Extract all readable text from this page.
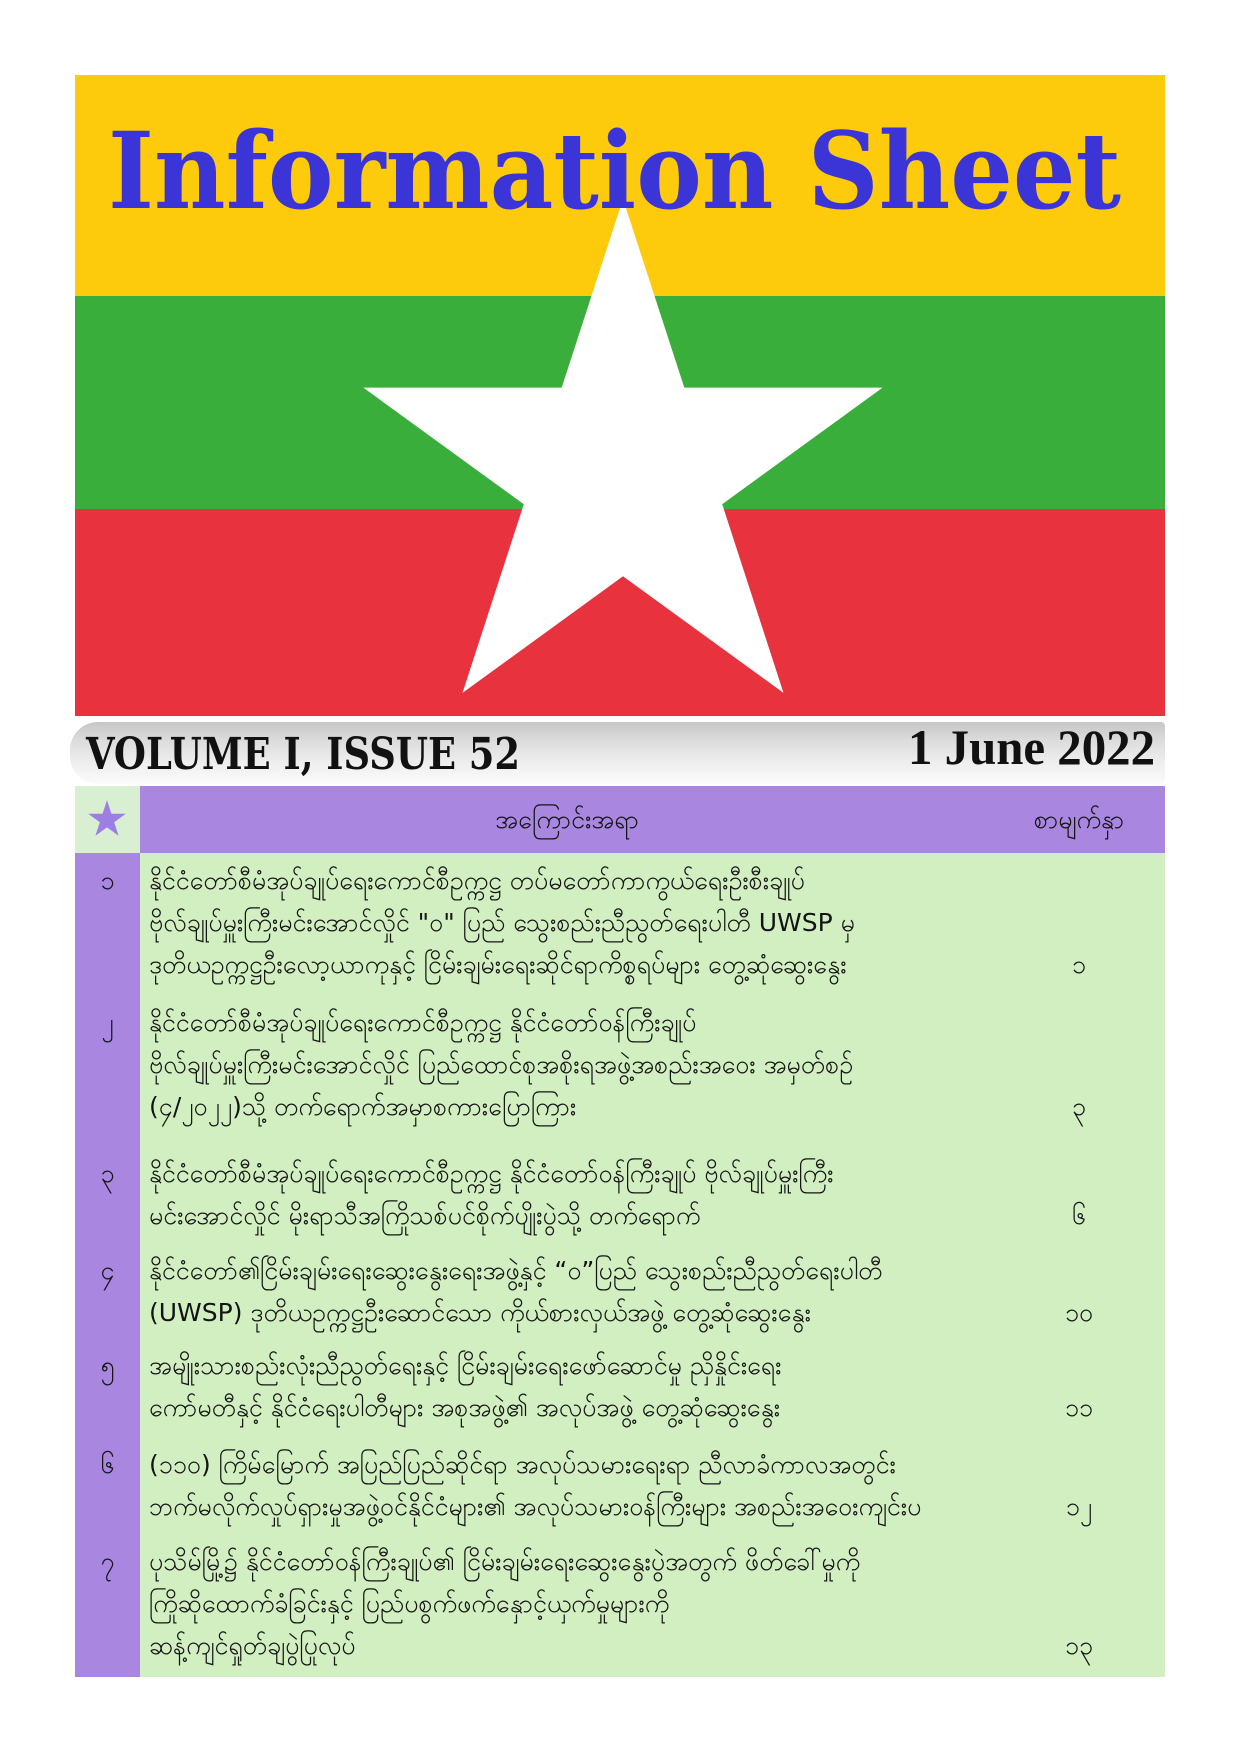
Information Sheet
VOLUME I, ISSUE 52	1 June 2022
အကြောင်းအရာ	စာမျက်နှာ
၁	နိုင်ငံတော်စီမံအုပ်ချုပ်ရေးကောင်စီဥက္ကဋ္ဌ တပ်မတော်ကာကွယ်ရေးဦးစီးချုပ်
ဗိုလ်ချုပ်မှူးကြီးမင်းအောင်လှိုင် "ဝ" ပြည် သွေးစည်းညီညွတ်ရေးပါတီ UWSP မှ
ဒုတိယဥက္ကဋ္ဌဦးလော့ယာကုနှင့် ငြိမ်းချမ်းရေးဆိုင်ရာကိစ္စရပ်များ တွေ့ဆုံဆွေးနွေး	၁
၂	နိုင်ငံတော်စီမံအုပ်ချုပ်ရေးကောင်စီဥက္ကဋ္ဌ နိုင်ငံတော်ဝန်ကြီးချုပ်
ဗိုလ်ချုပ်မှူးကြီးမင်းအောင်လှိုင် ပြည်ထောင်စုအစိုးရအဖွဲ့အစည်းအဝေး အမှတ်စဉ်
(၄/၂၀၂၂)သို့ တက်ရောက်အမှာစကားပြောကြား	၃
၃	နိုင်ငံတော်စီမံအုပ်ချုပ်ရေးကောင်စီဥက္ကဋ္ဌ နိုင်ငံတော်ဝန်ကြီးချုပ် ဗိုလ်ချုပ်မှူးကြီး
မင်းအောင်လှိုင် မိုးရာသီအကြိုသစ်ပင်စိုက်ပျိုးပွဲသို့ တက်ရောက်	၆
၄	နိုင်ငံတော်၏ငြိမ်းချမ်းရေးဆွေးနွေးရေးအဖွဲ့နှင့် “ဝ”ပြည် သွေးစည်းညီညွတ်ရေးပါတီ
(UWSP) ဒုတိယဥက္ကဋ္ဌဦးဆောင်သော ကိုယ်စားလှယ်အဖွဲ့ တွေ့ဆုံဆွေးနွေး	၁၀
၅	အမျိုးသားစည်းလုံးညီညွတ်ရေးနှင့် ငြိမ်းချမ်းရေးဖော်ဆောင်မှု ညှိနှိုင်းရေး
ကော်မတီနှင့် နိုင်ငံရေးပါတီများ အစုအဖွဲ့၏ အလုပ်အဖွဲ့ တွေ့ဆုံဆွေးနွေး	၁၁
၆	(၁၁၀) ကြိမ်မြောက် အပြည်ပြည်ဆိုင်ရာ အလုပ်သမားရေးရာ ညီလာခံကာလအတွင်း
ဘက်မလိုက်လှုပ်ရှားမှုအဖွဲ့ဝင်နိုင်ငံများ၏ အလုပ်သမားဝန်ကြီးများ အစည်းအဝေးကျင်းပ	၁၂
၇	ပုသိမ်မြို့၌ နိုင်ငံတော်ဝန်ကြီးချုပ်၏ ငြိမ်းချမ်းရေးဆွေးနွေးပွဲအတွက် ဖိတ်ခေါ်မှုကို
ကြိုဆိုထောက်ခံခြင်းနှင့် ပြည်ပစွက်ဖက်နှောင့်ယှက်မှုများကို
ဆန့်ကျင်ရှုတ်ချပွဲပြုလုပ်	၁၃
